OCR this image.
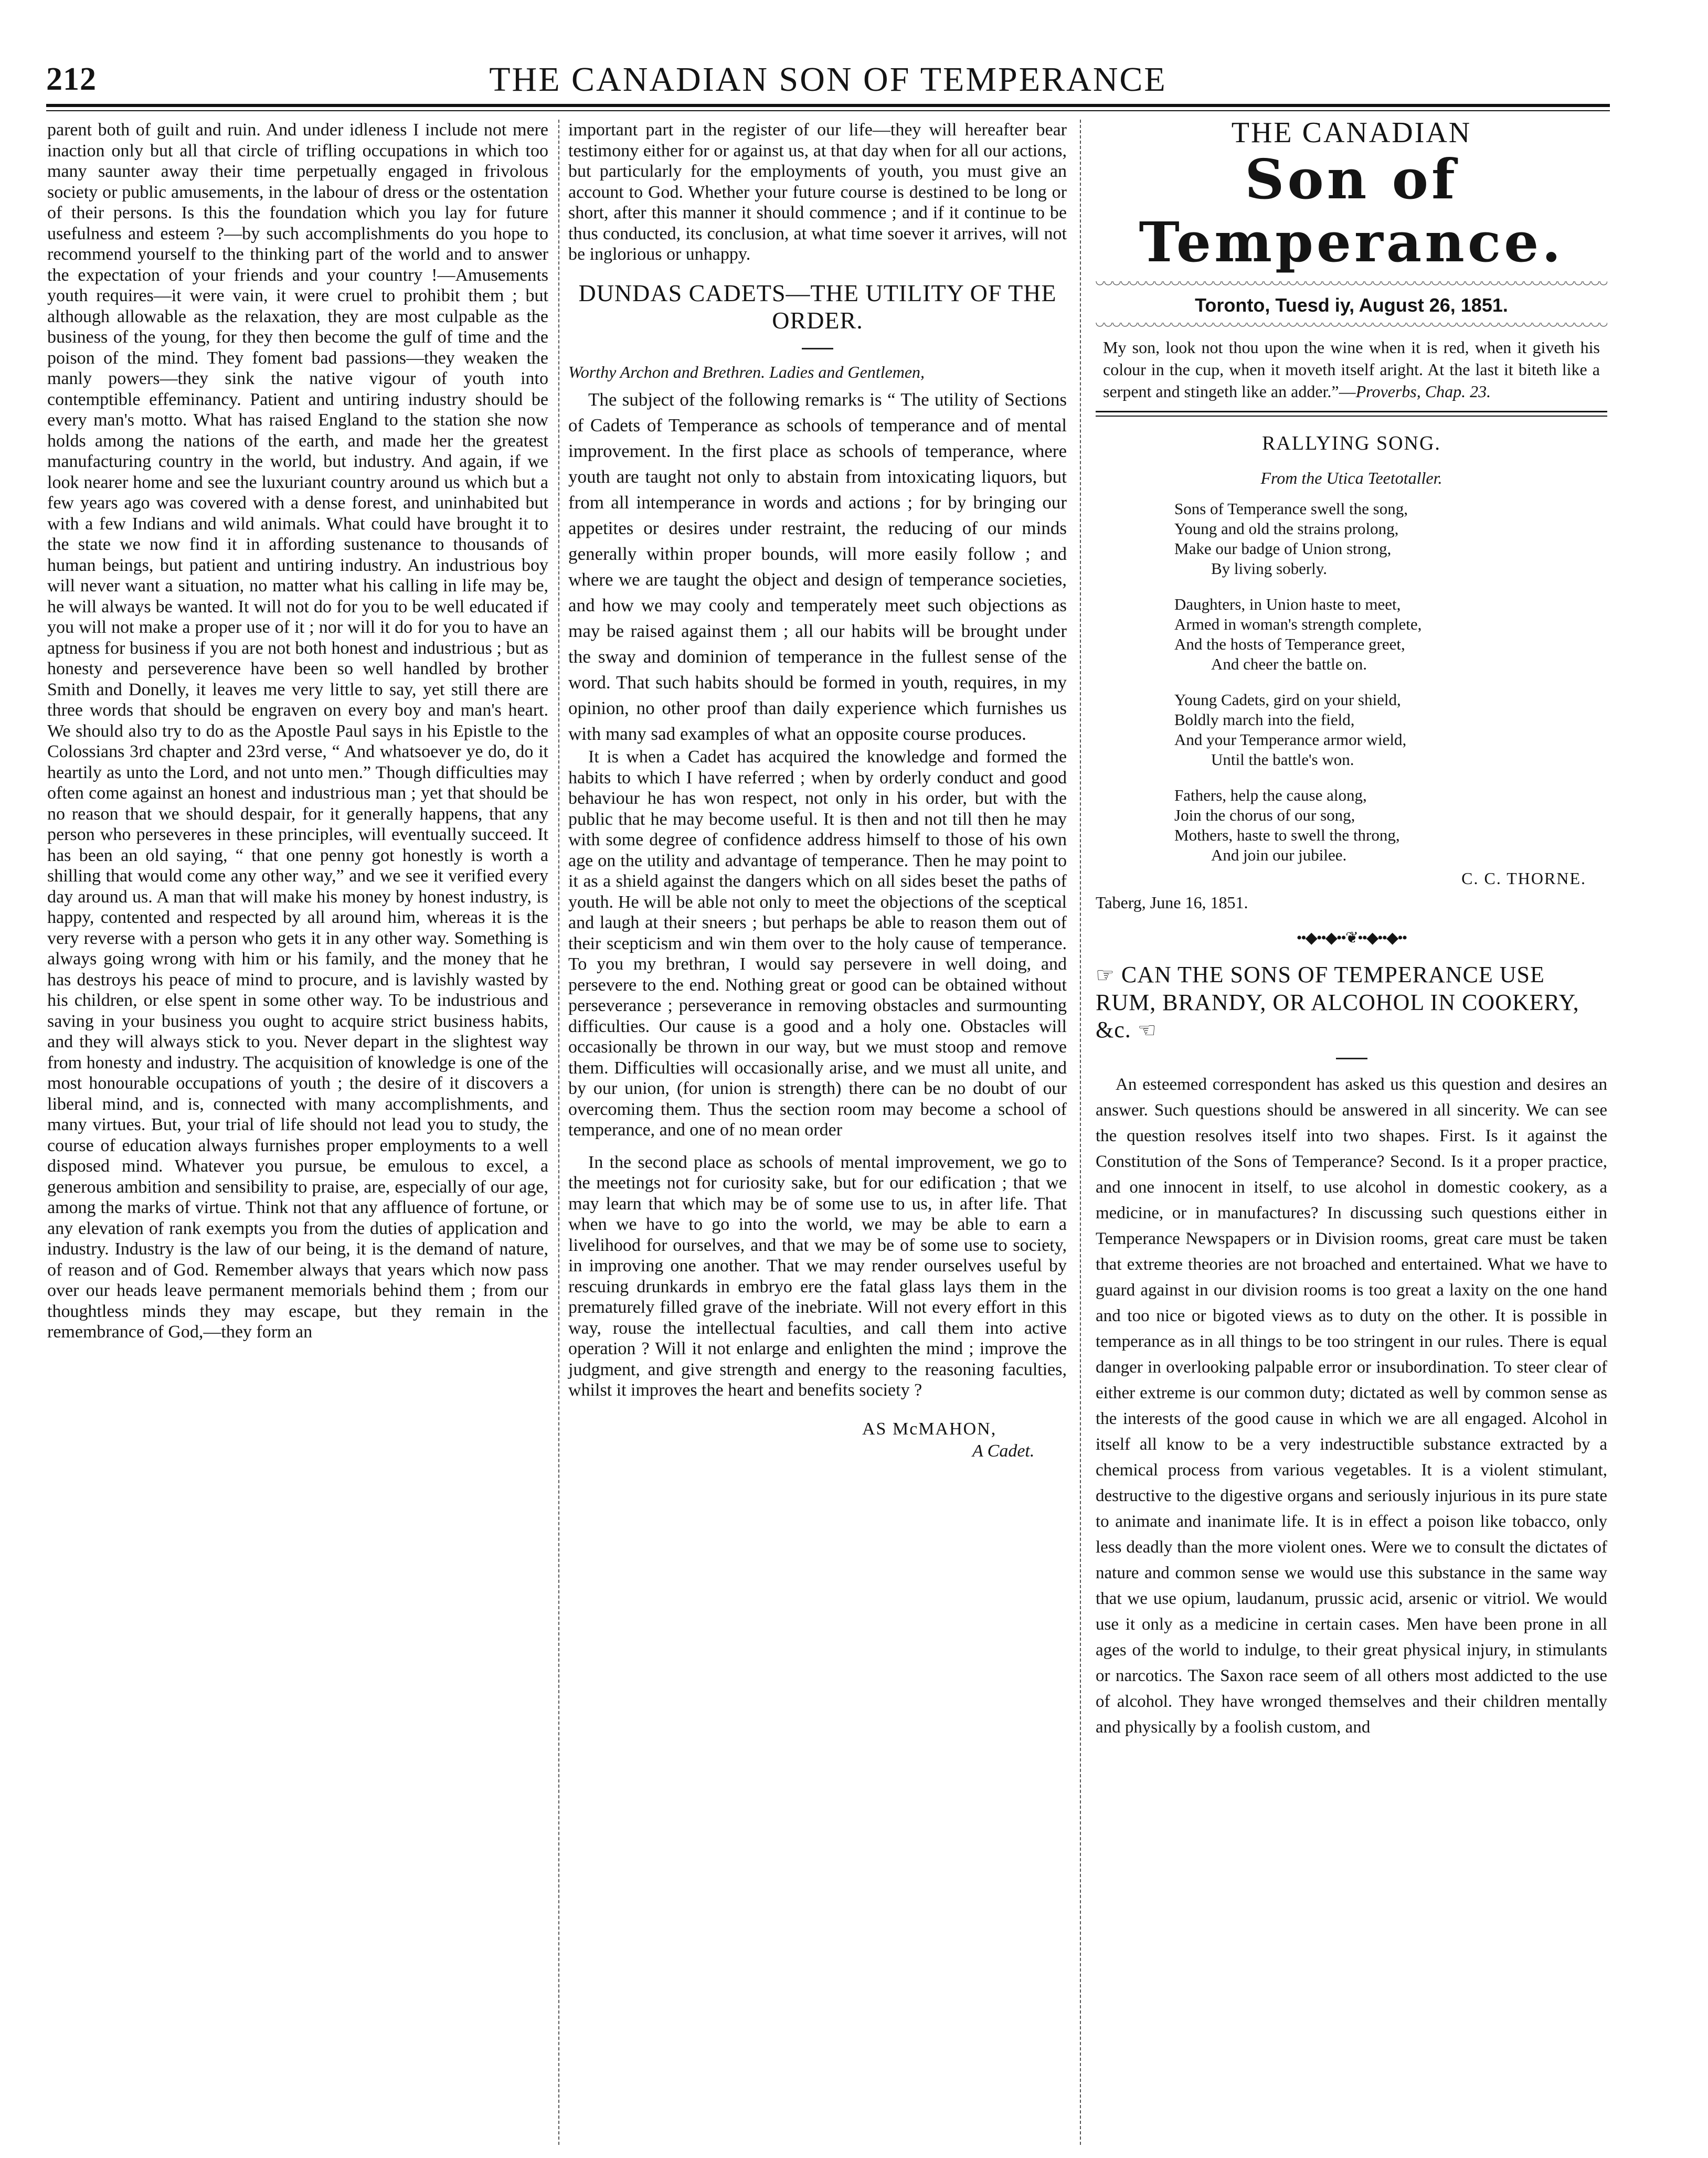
212	THE CANADIAN SON OF TEMPERANCE

parent both of guilt and ruin. And under idleness I include not mere inaction only but all that circle of trifling occupations in which too many saunter away their time perpetually engaged in frivolous society or public amusements, in the labour of dress or the ostentation of their persons. Is this the foundation which you lay for future usefulness and esteem ?—by such accomplishments do you hope to recommend yourself to the thinking part of the world and to answer the expectation of your friends and your country !—Amusements youth requires—it were vain, it were cruel to prohibit them ; but although allowable as the relaxation, they are most culpable as the business of the young, for they then become the gulf of time and the poison of the mind. They foment bad passions—they weaken the manly powers—they sink the native vigour of youth into contemptible effeminancy. Patient and untiring industry should be every man's motto. What has raised England to the station she now holds among the nations of the earth, and made her the greatest manufacturing country in the world, but industry. And again, if we look nearer home and see the luxuriant country around us which but a few years ago was covered with a dense forest, and uninhabited but with a few Indians and wild animals. What could have brought it to the state we now find it in affording sustenance to thousands of human beings, but patient and untiring industry. An industrious boy will never want a situation, no matter what his calling in life may be, he will always be wanted. It will not do for you to be well educated if you will not make a proper use of it ; nor will it do for you to have an aptness for business if you are not both honest and industrious ; but as honesty and perseverence have been so well handled by brother Smith and Donelly, it leaves me very little to say, yet still there are three words that should be engraven on every boy and man's heart. We should also try to do as the Apostle Paul says in his Epistle to the Colossians 3rd chapter and 23rd verse, “ And whatsoever ye do, do it heartily as unto the Lord, and not unto men.” Though difficulties may often come against an honest and industrious man ; yet that should be no reason that we should despair, for it generally happens, that any person who perseveres in these principles, will eventually succeed. It has been an old saying, “ that one penny got honestly is worth a shilling that would come any other way,” and we see it verified every day around us. A man that will make his money by honest industry, is happy, contented and respected by all around him, whereas it is the very reverse with a person who gets it in any other way. Something is always going wrong with him or his family, and the money that he has destroys his peace of mind to procure, and is lavishly wasted by his children, or else spent in some other way. To be industrious and saving in your business you ought to acquire strict business habits, and they will always stick to you. Never depart in the slightest way from honesty and industry. The acquisition of knowledge is one of the most honourable occupations of youth ; the desire of it discovers a liberal mind, and is, connected with many accomplishments, and many virtues. But, your trial of life should not lead you to study, the course of education always furnishes proper employments to a well disposed mind. Whatever you pursue, be emulous to excel, a generous ambition and sensibility to praise, are, especially of our age, among the marks of virtue. Think not that any affluence of fortune, or any elevation of rank exempts you from the duties of application and industry. Industry is the law of our being, it is the demand of nature, of reason and of God. Remember always that years which now pass over our heads leave permanent memorials behind them ; from our thoughtless minds they may escape, but they remain in the remembrance of God,—they form an

important part in the register of our life—they will hereafter bear testimony either for or against us, at that day when for all our actions, but particularly for the employments of youth, you must give an account to God. Whether your future course is destined to be long or short, after this manner it should commence ; and if it continue to be thus conducted, its conclusion, at what time soever it arrives, will not be inglorious or unhappy.

DUNDAS CADETS—THE UTILITY OF THE ORDER.

Worthy Archon and Brethren. Ladies and Gentlemen,

The subject of the following remarks is “ The utility of Sections of Cadets of Temperance as schools of temperance and of mental improvement. In the first place as schools of temperance, where youth are taught not only to abstain from intoxicating liquors, but from all intemperance in words and actions ; for by bringing our appetites or desires under restraint, the reducing of our minds generally within proper bounds, will more easily follow ; and where we are taught the object and design of temperance societies, and how we may cooly and temperately meet such objections as may be raised against them ; all our habits will be brought under the sway and dominion of temperance in the fullest sense of the word. That such habits should be formed in youth, requires, in my opinion, no other proof than daily experience which furnishes us with many sad examples of what an opposite course produces.

It is when a Cadet has acquired the knowledge and formed the habits to which I have referred ; when by orderly conduct and good behaviour he has won respect, not only in his order, but with the public that he may become useful. It is then and not till then he may with some degree of confidence address himself to those of his own age on the utility and advantage of temperance. Then he may point to it as a shield against the dangers which on all sides beset the paths of youth. He will be able not only to meet the objections of the sceptical and laugh at their sneers ; but perhaps be able to reason them out of their scepticism and win them over to the holy cause of temperance. To you my brethran, I would say persevere in well doing, and persevere to the end. Nothing great or good can be obtained without perseverance ; perseverance in removing obstacles and surmounting difficulties. Our cause is a good and a holy one. Obstacles will occasionally be thrown in our way, but we must stoop and remove them. Difficulties will occasionally arise, and we must all unite, and by our union, (for union is strength) there can be no doubt of our overcoming them. Thus the section room may become a school of temperance, and one of no mean order

In the second place as schools of mental improvement, we go to the meetings not for curiosity sake, but for our edification ; that we may learn that which may be of some use to us, in after life. That when we have to go into the world, we may be able to earn a livelihood for ourselves, and that we may be of some use to society, in improving one another. That we may render ourselves useful by rescuing drunkards in embryo ere the fatal glass lays them in the prematurely filled grave of the inebriate. Will not every effort in this way, rouse the intellectual faculties, and call them into active operation ? Will it not enlarge and enlighten the mind ; improve the judgment, and give strength and energy to the reasoning faculties, whilst it improves the heart and benefits society ?

AS McMAHON,
A Cadet.
THE CANADIAN
Son of Temperance.
Toronto, Tuesd iy, August 26, 1851.
My son, look not thou upon the wine when it is red, when it giveth his colour in the cup, when it moveth itself aright. At the last it biteth like a serpent and stingeth like an adder.”—Proverbs, Chap. 23.
RALLYING SONG.
From the Utica Teetotaller.
Sons of Temperance swell the song,
Young and old the strains prolong,
Make our badge of Union strong,
By living soberly.
Daughters, in Union haste to meet,
Armed in woman's strength complete,
And the hosts of Temperance greet,
And cheer the battle on.
Young Cadets, gird on your shield,
Boldly march into the field,
And your Temperance armor wield,
Until the battle's won.
Fathers, help the cause along,
Join the chorus of our song,
Mothers, haste to swell the throng,
And join our jubilee.
C. C. THORNE.
Taberg, June 16, 1851.
••◆••◆••❦••◆••◆••
☞ CAN THE SONS OF TEMPERANCE USE RUM, BRANDY, OR ALCOHOL IN COOKERY, &c. ☜

An esteemed correspondent has asked us this question and desires an answer. Such questions should be answered in all sincerity. We can see the question resolves itself into two shapes. First. Is it against the Constitution of the Sons of Temperance? Second. Is it a proper practice, and one innocent in itself, to use alcohol in domestic cookery, as a medicine, or in manufactures? In discussing such questions either in Temperance Newspapers or in Division rooms, great care must be taken that extreme theories are not broached and entertained. What we have to guard against in our division rooms is too great a laxity on the one hand and too nice or bigoted views as to duty on the other. It is possible in temperance as in all things to be too stringent in our rules. There is equal danger in overlooking palpable error or insubordination. To steer clear of either extreme is our common duty; dictated as well by common sense as the interests of the good cause in which we are all engaged. Alcohol in itself all know to be a very indestructible substance extracted by a chemical process from various vegetables. It is a violent stimulant, destructive to the digestive organs and seriously injurious in its pure state to animate and inanimate life. It is in effect a poison like tobacco, only less deadly than the more violent ones. Were we to consult the dictates of nature and common sense we would use this substance in the same way that we use opium, laudanum, prussic acid, arsenic or vitriol. We would use it only as a medicine in certain cases. Men have been prone in all ages of the world to indulge, to their great physical injury, in stimulants or narcotics. The Saxon race seem of all others most addicted to the use of alcohol. They have wronged themselves and their children mentally and physically by a foolish custom, and
